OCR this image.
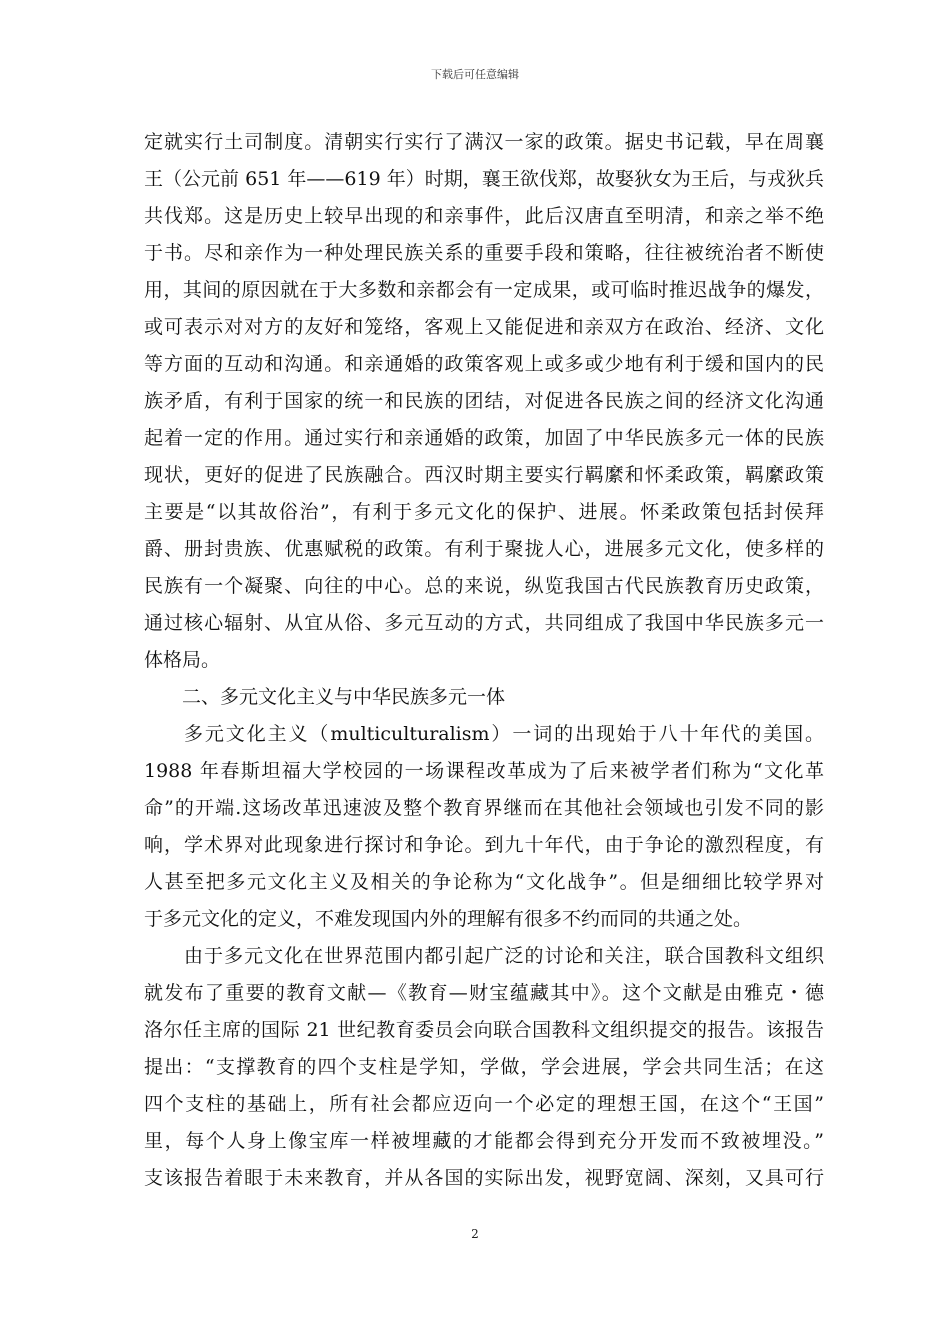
下载后可任意编辑
定就实行土司制度。清朝实行实行了满汉一家的政策。据史书记载，早在周襄
王（公元前 651 年——619 年）时期，襄王欲伐郑，故娶狄女为王后，与戎狄兵
共伐郑。这是历史上较早出现的和亲事件，此后汉唐直至明清，和亲之举不绝
于书。尽和亲作为一种处理民族关系的重要手段和策略，往往被统治者不断使
用，其间的原因就在于大多数和亲都会有一定成果，或可临时推迟战争的爆发，
或可表示对对方的友好和笼络，客观上又能促进和亲双方在政治、经济、文化
等方面的互动和沟通。和亲通婚的政策客观上或多或少地有利于缓和国内的民
族矛盾，有利于国家的统一和民族的团结，对促进各民族之间的经济文化沟通
起着一定的作用。通过实行和亲通婚的政策，加固了中华民族多元一体的民族
现状，更好的促进了民族融合。西汉时期主要实行羁縻和怀柔政策，羁縻政策
主要是“以其故俗治”，有利于多元文化的保护、进展。怀柔政策包括封侯拜
爵、册封贵族、优惠赋税的政策。有利于聚拢人心，进展多元文化，使多样的
民族有一个凝聚、向往的中心。总的来说，纵览我国古代民族教育历史政策，
通过核心辐射、从宜从俗、多元互动的方式，共同组成了我国中华民族多元一
体格局。
二、多元文化主义与中华民族多元一体
多元文化主义（multiculturalism）一词的出现始于八十年代的美国。
1988 年春斯坦福大学校园的一场课程改革成为了后来被学者们称为“文化革
命”的开端.这场改革迅速波及整个教育界继而在其他社会领域也引发不同的影
响，学术界对此现象进行探讨和争论。到九十年代，由于争论的激烈程度，有
人甚至把多元文化主义及相关的争论称为“文化战争”。但是细细比较学界对
于多元文化的定义，不难发现国内外的理解有很多不约而同的共通之处。
由于多元文化在世界范围内都引起广泛的讨论和关注，联合国教科文组织
就发布了重要的教育文献—《教育—财宝蕴藏其中》。这个文献是由雅克・德
洛尔任主席的国际 21 世纪教育委员会向联合国教科文组织提交的报告。该报告
提出：“支撑教育的四个支柱是学知，学做，学会进展，学会共同生活；在这
四个支柱的基础上，所有社会都应迈向一个必定的理想王国，在这个“王国”
里，每个人身上像宝库一样被埋藏的才能都会得到充分开发而不致被埋没。”
支该报告着眼于未来教育，并从各国的实际出发，视野宽阔、深刻，又具可行
2
